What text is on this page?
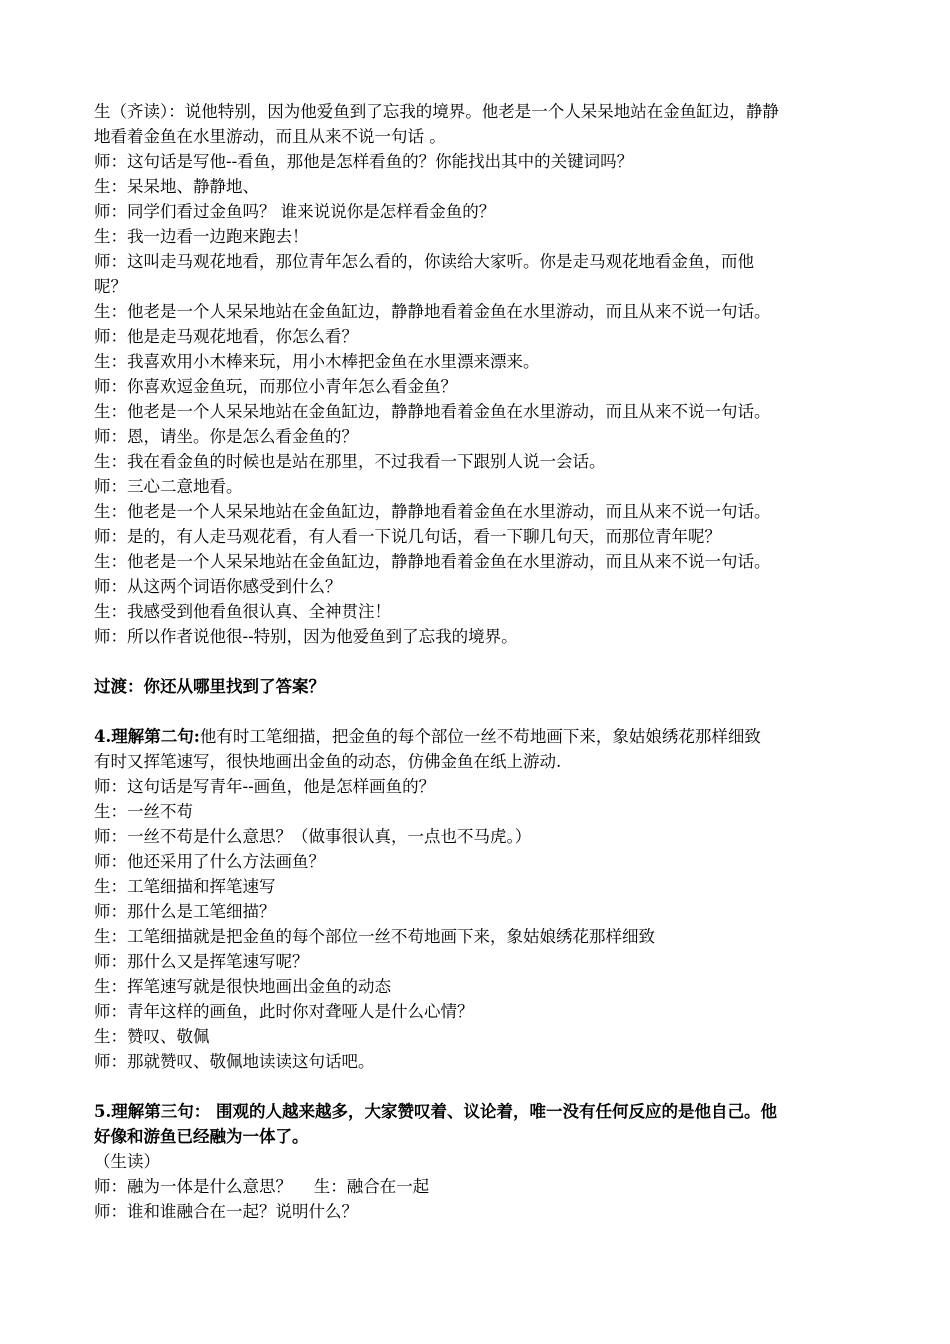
生（齐读）：说他特别，因为他爱鱼到了忘我的境界。他老是一个人呆呆地站在金鱼缸边，静静
地看着金鱼在水里游动，而且从来不说一句话 。
师：这句话是写他--看鱼，那他是怎样看鱼的？你能找出其中的关键词吗？
生：呆呆地、静静地、
师：同学们看过金鱼吗？ 谁来说说你是怎样看金鱼的？
生：我一边看一边跑来跑去！
师：这叫走马观花地看，那位青年怎么看的，你读给大家听。你是走马观花地看金鱼，而他
呢？
生：他老是一个人呆呆地站在金鱼缸边，静静地看着金鱼在水里游动，而且从来不说一句话。
师：他是走马观花地看，你怎么看？
生：我喜欢用小木棒来玩，用小木棒把金鱼在水里漂来漂来。
师：你喜欢逗金鱼玩，而那位小青年怎么看金鱼？
生：他老是一个人呆呆地站在金鱼缸边，静静地看着金鱼在水里游动，而且从来不说一句话。
师：恩，请坐。你是怎么看金鱼的？
生：我在看金鱼的时候也是站在那里，不过我看一下跟别人说一会话。
师：三心二意地看。
生：他老是一个人呆呆地站在金鱼缸边，静静地看着金鱼在水里游动，而且从来不说一句话。
师：是的，有人走马观花看，有人看一下说几句话，看一下聊几句天，而那位青年呢？
生：他老是一个人呆呆地站在金鱼缸边，静静地看着金鱼在水里游动，而且从来不说一句话。
师：从这两个词语你感受到什么？
生：我感受到他看鱼很认真、全神贯注！
师：所以作者说他很--特别，因为他爱鱼到了忘我的境界。
过渡：你还从哪里找到了答案？
4.理解第二句:他有时工笔细描，把金鱼的每个部位一丝不苟地画下来，象姑娘绣花那样细致
有时又挥笔速写，很快地画出金鱼的动态，仿佛金鱼在纸上游动.
师：这句话是写青年--画鱼，他是怎样画鱼的？
生：一丝不苟
师：一丝不苟是什么意思？（做事很认真，一点也不马虎。）
师：他还采用了什么方法画鱼？
生：工笔细描和挥笔速写
师：那什么是工笔细描？
生：工笔细描就是把金鱼的每个部位一丝不苟地画下来，象姑娘绣花那样细致
师：那什么又是挥笔速写呢？
生：挥笔速写就是很快地画出金鱼的动态
师：青年这样的画鱼，此时你对聋哑人是什么心情？
生：赞叹、敬佩
师：那就赞叹、敬佩地读读这句话吧。
5.理解第三句： 围观的人越来越多，大家赞叹着、议论着，唯一没有任何反应的是他自己。他
好像和游鱼已经融为一体了。
（生读）
师：融为一体是什么意思？　 生：融合在一起
师：谁和谁融合在一起？说明什么？
